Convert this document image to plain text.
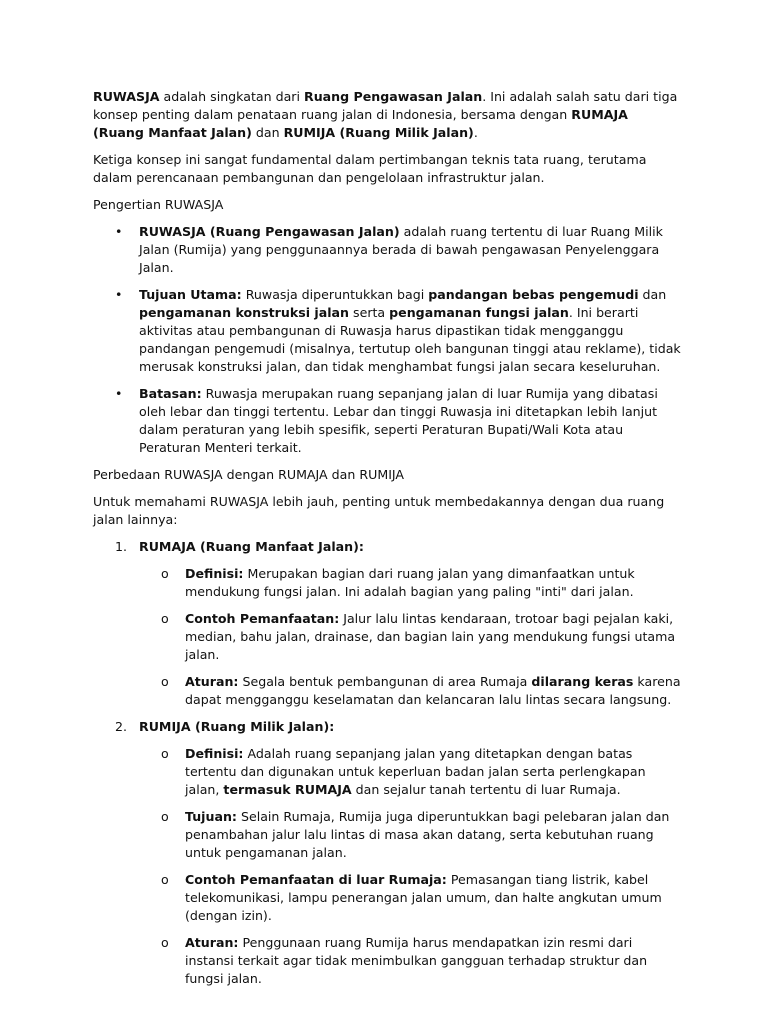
RUWASJA adalah singkatan dari Ruang Pengawasan Jalan. Ini adalah salah satu dari tiga konsep penting dalam penataan ruang jalan di Indonesia, bersama dengan RUMAJA (Ruang Manfaat Jalan) dan RUMIJA (Ruang Milik Jalan).

Ketiga konsep ini sangat fundamental dalam pertimbangan teknis tata ruang, terutama dalam perencanaan pembangunan dan pengelolaan infrastruktur jalan.

Pengertian RUWASJA

• RUWASJA (Ruang Pengawasan Jalan) adalah ruang tertentu di luar Ruang Milik Jalan (Rumija) yang penggunaannya berada di bawah pengawasan Penyelenggara Jalan.
• Tujuan Utama: Ruwasja diperuntukkan bagi pandangan bebas pengemudi dan pengamanan konstruksi jalan serta pengamanan fungsi jalan. Ini berarti aktivitas atau pembangunan di Ruwasja harus dipastikan tidak mengganggu pandangan pengemudi (misalnya, tertutup oleh bangunan tinggi atau reklame), tidak merusak konstruksi jalan, dan tidak menghambat fungsi jalan secara keseluruhan.
• Batasan: Ruwasja merupakan ruang sepanjang jalan di luar Rumija yang dibatasi oleh lebar dan tinggi tertentu. Lebar dan tinggi Ruwasja ini ditetapkan lebih lanjut dalam peraturan yang lebih spesifik, seperti Peraturan Bupati/Wali Kota atau Peraturan Menteri terkait.

Perbedaan RUWASJA dengan RUMAJA dan RUMIJA

Untuk memahami RUWASJA lebih jauh, penting untuk membedakannya dengan dua ruang jalan lainnya:

1. RUMAJA (Ruang Manfaat Jalan):
o Definisi: Merupakan bagian dari ruang jalan yang dimanfaatkan untuk mendukung fungsi jalan. Ini adalah bagian yang paling "inti" dari jalan.
o Contoh Pemanfaatan: Jalur lalu lintas kendaraan, trotoar bagi pejalan kaki, median, bahu jalan, drainase, dan bagian lain yang mendukung fungsi utama jalan.
o Aturan: Segala bentuk pembangunan di area Rumaja dilarang keras karena dapat mengganggu keselamatan dan kelancaran lalu lintas secara langsung.
2. RUMIJA (Ruang Milik Jalan):
o Definisi: Adalah ruang sepanjang jalan yang ditetapkan dengan batas tertentu dan digunakan untuk keperluan badan jalan serta perlengkapan jalan, termasuk RUMAJA dan sejalur tanah tertentu di luar Rumaja.
o Tujuan: Selain Rumaja, Rumija juga diperuntukkan bagi pelebaran jalan dan penambahan jalur lalu lintas di masa akan datang, serta kebutuhan ruang untuk pengamanan jalan.
o Contoh Pemanfaatan di luar Rumaja: Pemasangan tiang listrik, kabel telekomunikasi, lampu penerangan jalan umum, dan halte angkutan umum (dengan izin).
o Aturan: Penggunaan ruang Rumija harus mendapatkan izin resmi dari instansi terkait agar tidak menimbulkan gangguan terhadap struktur dan fungsi jalan.
